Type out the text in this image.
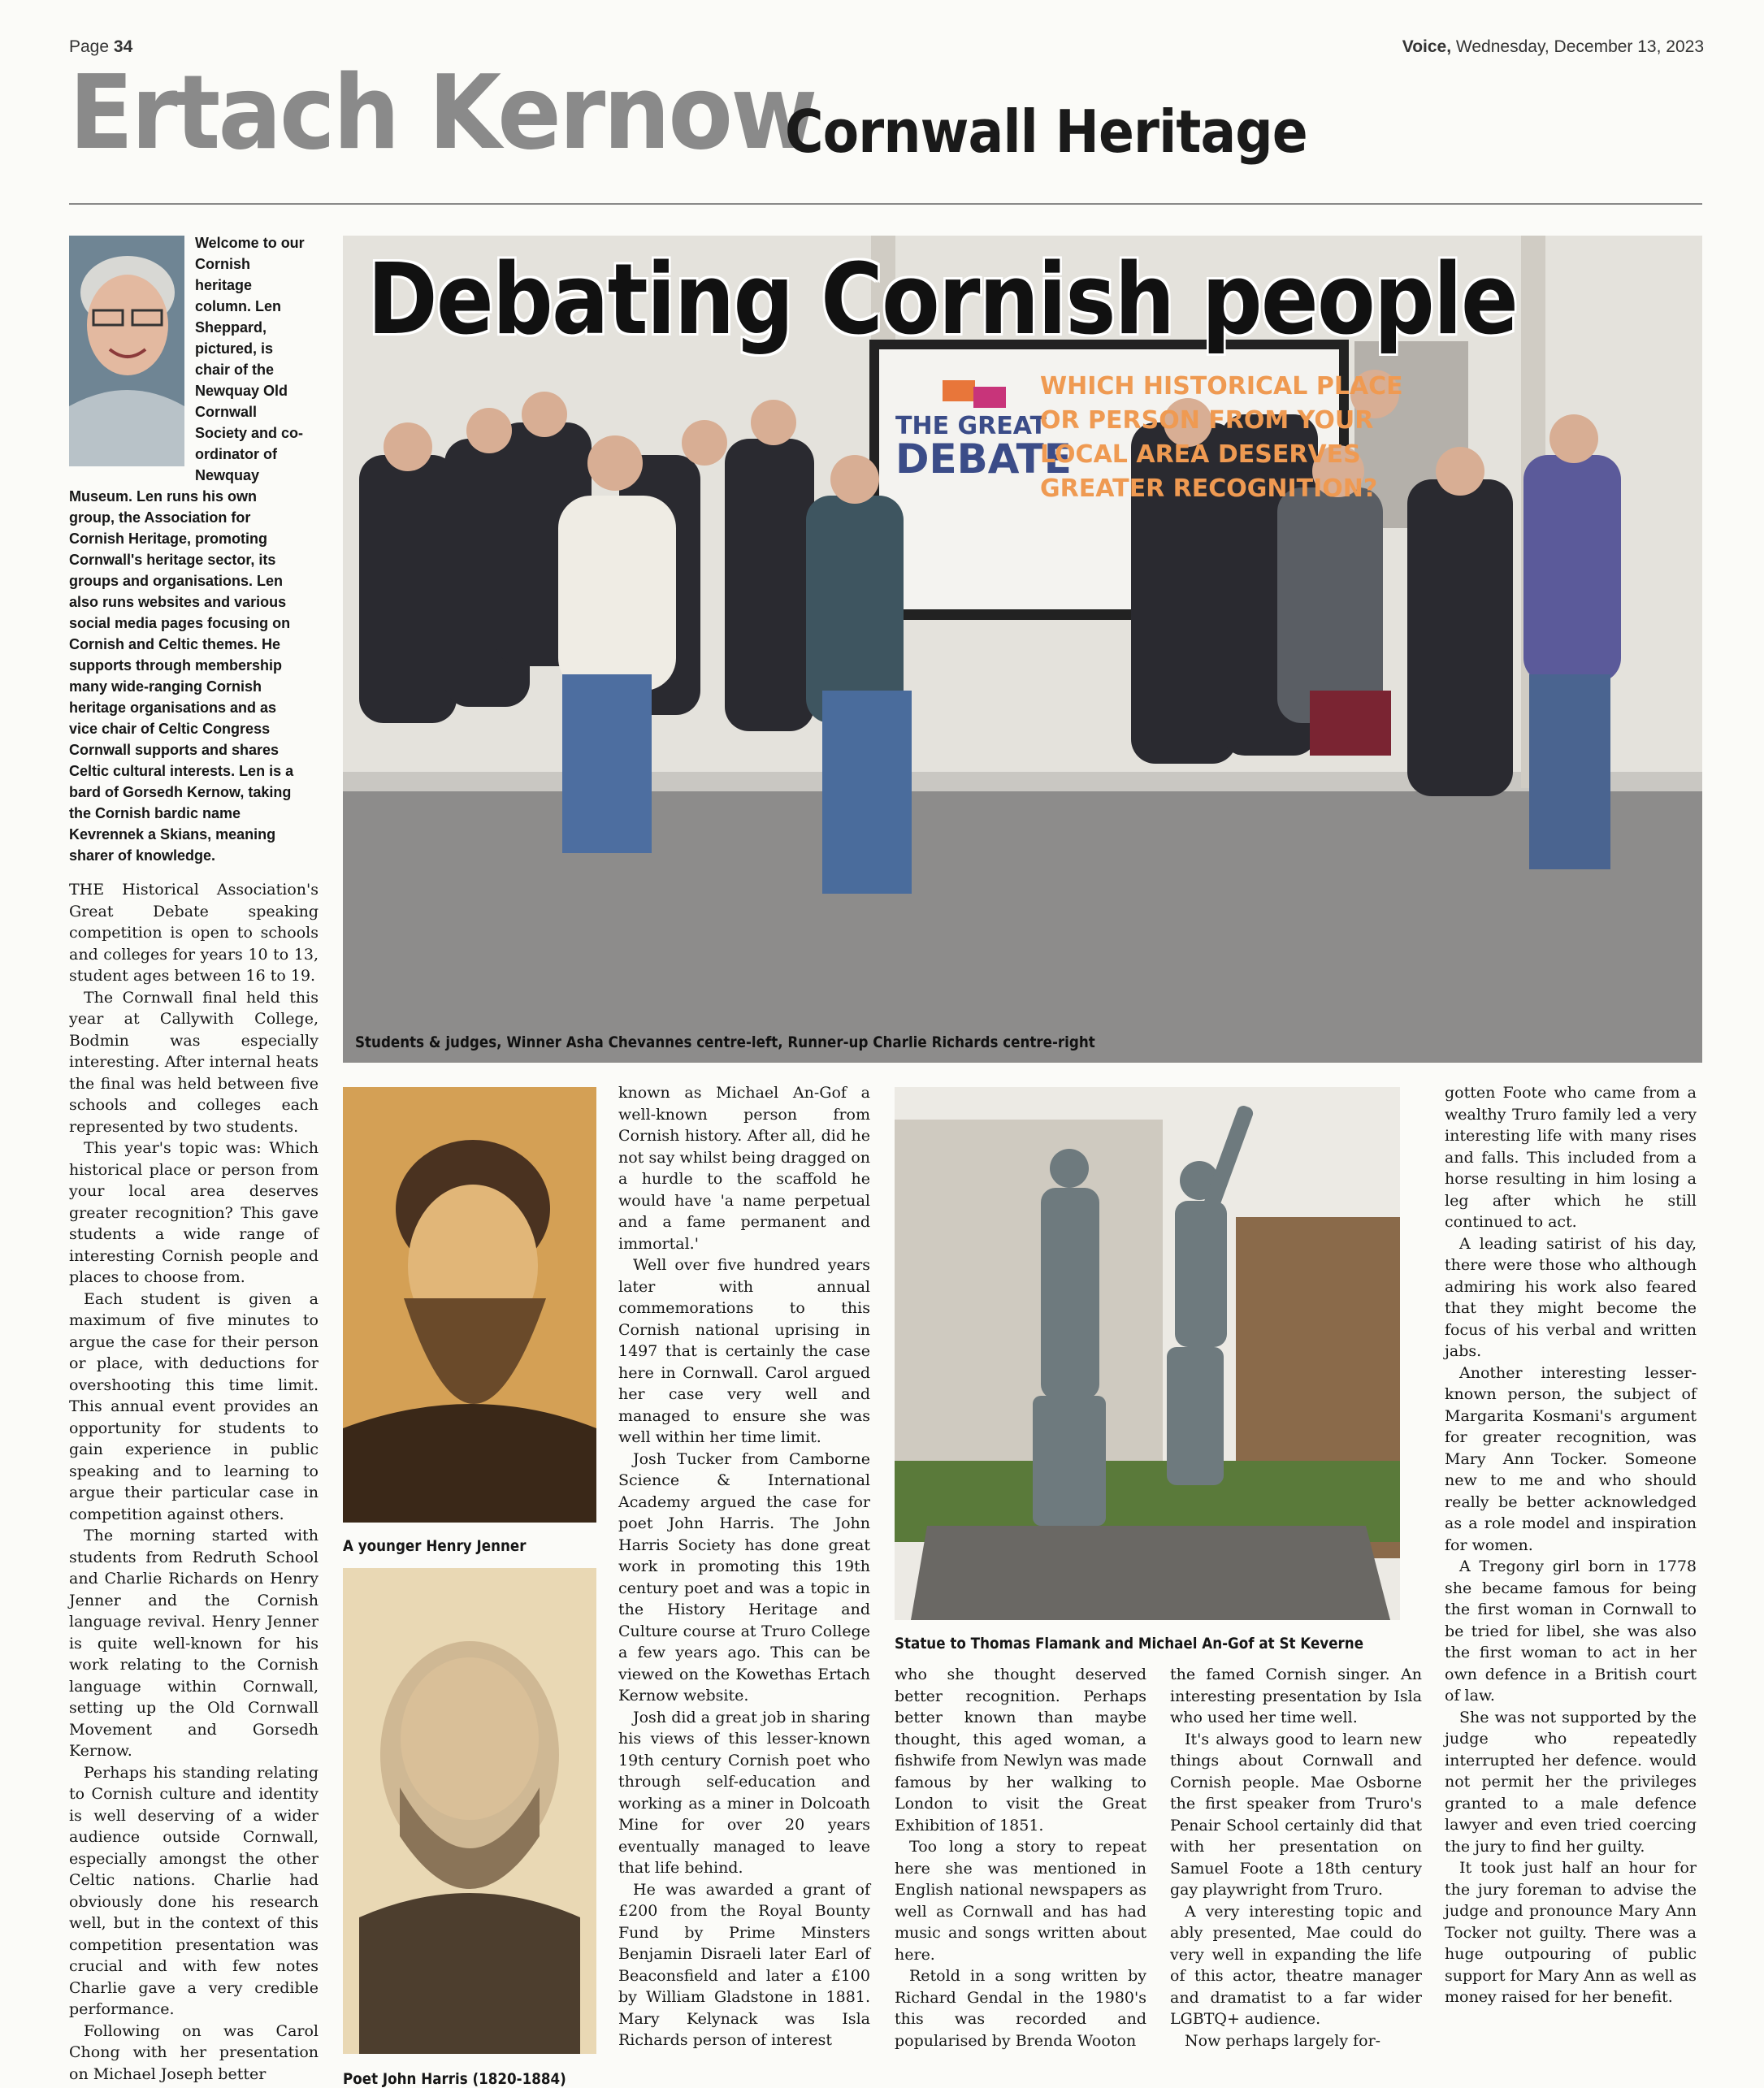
Page 34	Voice, Wednesday, December 13, 2023
Ertach Kernow
Cornwall Heritage

Welcome to our Cornish heritage column. Len Sheppard, pictured, is chair of the Newquay Old Cornwall Society and co-ordinator of Newquay Museum. Len runs his own group, the Association for Cornish Heritage, promoting Cornwall's heritage sector, its groups and organisations. Len also runs websites and various social media pages focusing on Cornish and Celtic themes. He supports through membership many wide-ranging Cornish heritage organisations and as vice chair of Celtic Congress Cornwall supports and shares Celtic cultural interests. Len is a bard of Gorsedh Kernow, taking the Cornish bardic name Kevrennek a Skians, meaning sharer of knowledge.

THE GREAT
DEBATE
WHICH HISTORICAL PLACE
OR PERSON FROM YOUR
LOCAL AREA DESERVES
GREATER RECOGNITION?
Debating Cornish people
Students & judges, Winner Asha Chevannes centre-left, Runner-up Charlie Richards centre-right

THE Historical Association's Great Debate speaking competition is open to schools and colleges for years 10 to 13, student ages between 16 to 19.

The Cornwall final held this year at Callywith College, Bodmin was especially interesting. After internal heats the final was held between five schools and colleges each represented by two students.

This year's topic was: Which historical place or person from your local area deserves greater recognition? This gave students a wide range of interesting Cornish people and places to choose from.

Each student is given a maximum of five minutes to argue the case for their person or place, with deductions for overshooting this time limit. This annual event provides an opportunity for students to gain experience in public speaking and to learning to argue their particular case in competition against others.

The morning started with students from Redruth School and Charlie Richards on Henry Jenner and the Cornish language revival. Henry Jenner is quite well-known for his work relating to the Cornish language within Cornwall, setting up the Old Cornwall Movement and Gorsedh Kernow.

Perhaps his standing relating to Cornish culture and identity is well deserving of a wider audience outside Cornwall, especially amongst the other Celtic nations. Charlie had obviously done his research well, but in the context of this competition presentation was crucial and with few notes Charlie gave a very credible performance.

Following on was Carol Chong with her presentation on Michael Joseph better

A younger Henry Jenner
Poet John Harris (1820-1884)

known as Michael An-Gof a well-known person from Cornish history. After all, did he not say whilst being dragged on a hurdle to the scaffold he would have 'a name perpetual and a fame permanent and immortal.'

Well over five hundred years later with annual commemorations to this Cornish national uprising in 1497 that is certainly the case here in Cornwall. Carol argued her case very well and managed to ensure she was well within her time limit.

Josh Tucker from Camborne Science & International Academy argued the case for poet John Harris. The John Harris Society has done great work in promoting this 19th century poet and was a topic in the History Heritage and Culture course at Truro College a few years ago. This can be viewed on the Kowethas Ertach Kernow website.

Josh did a great job in sharing his views of this lesser-known 19th century Cornish poet who through self-education and working as a miner in Dolcoath Mine for over 20 years eventually managed to leave that life behind.

He was awarded a grant of £200 from the Royal Bounty Fund by Prime Minsters Benjamin Disraeli later Earl of Beaconsfield and later a £100 by William Gladstone in 1881. Mary Kelynack was Isla Richards person of interest

Statue to Thomas Flamank and Michael An-Gof at St Keverne

who she thought deserved better recognition. Perhaps better known than maybe thought, this aged woman, a fishwife from Newlyn was made famous by her walking to London to visit the Great Exhibition of 1851.

Too long a story to repeat here she was mentioned in English national newspapers as well as Cornwall and has had music and songs written about here.

Retold in a song written by Richard Gendal in the 1980's this was recorded and popularised by Brenda Wooton

the famed Cornish singer. An interesting presentation by Isla who used her time well.

It's always good to learn new things about Cornwall and Cornish people. Mae Osborne the first speaker from Truro's Penair School certainly did that with her presentation on Samuel Foote a 18th century gay playwright from Truro.

A very interesting topic and ably presented, Mae could do very well in expanding the life of this actor, theatre manager and dramatist to a far wider LGBTQ+ audience.

Now perhaps largely for-

gotten Foote who came from a wealthy Truro family led a very interesting life with many rises and falls. This included from a horse resulting in him losing a leg after which he still continued to act.

A leading satirist of his day, there were those who although admiring his work also feared that they might become the focus of his verbal and written jabs.

Another interesting lesser-known person, the subject of Margarita Kosmani's argument for greater recognition, was Mary Ann Tocker. Someone new to me and who should really be better acknowledged as a role model and inspiration for women.

A Tregony girl born in 1778 she became famous for being the first woman in Cornwall to be tried for libel, she was also the first woman to act in her own defence in a British court of law.

She was not supported by the judge who repeatedly interrupted her defence. would not permit her the privileges granted to a male defence lawyer and even tried coercing the jury to find her guilty.

It took just half an hour for the jury foreman to advise the judge and pronounce Mary Ann Tocker not guilty. There was a huge outpouring of public support for Mary Ann as well as money raised for her benefit.
